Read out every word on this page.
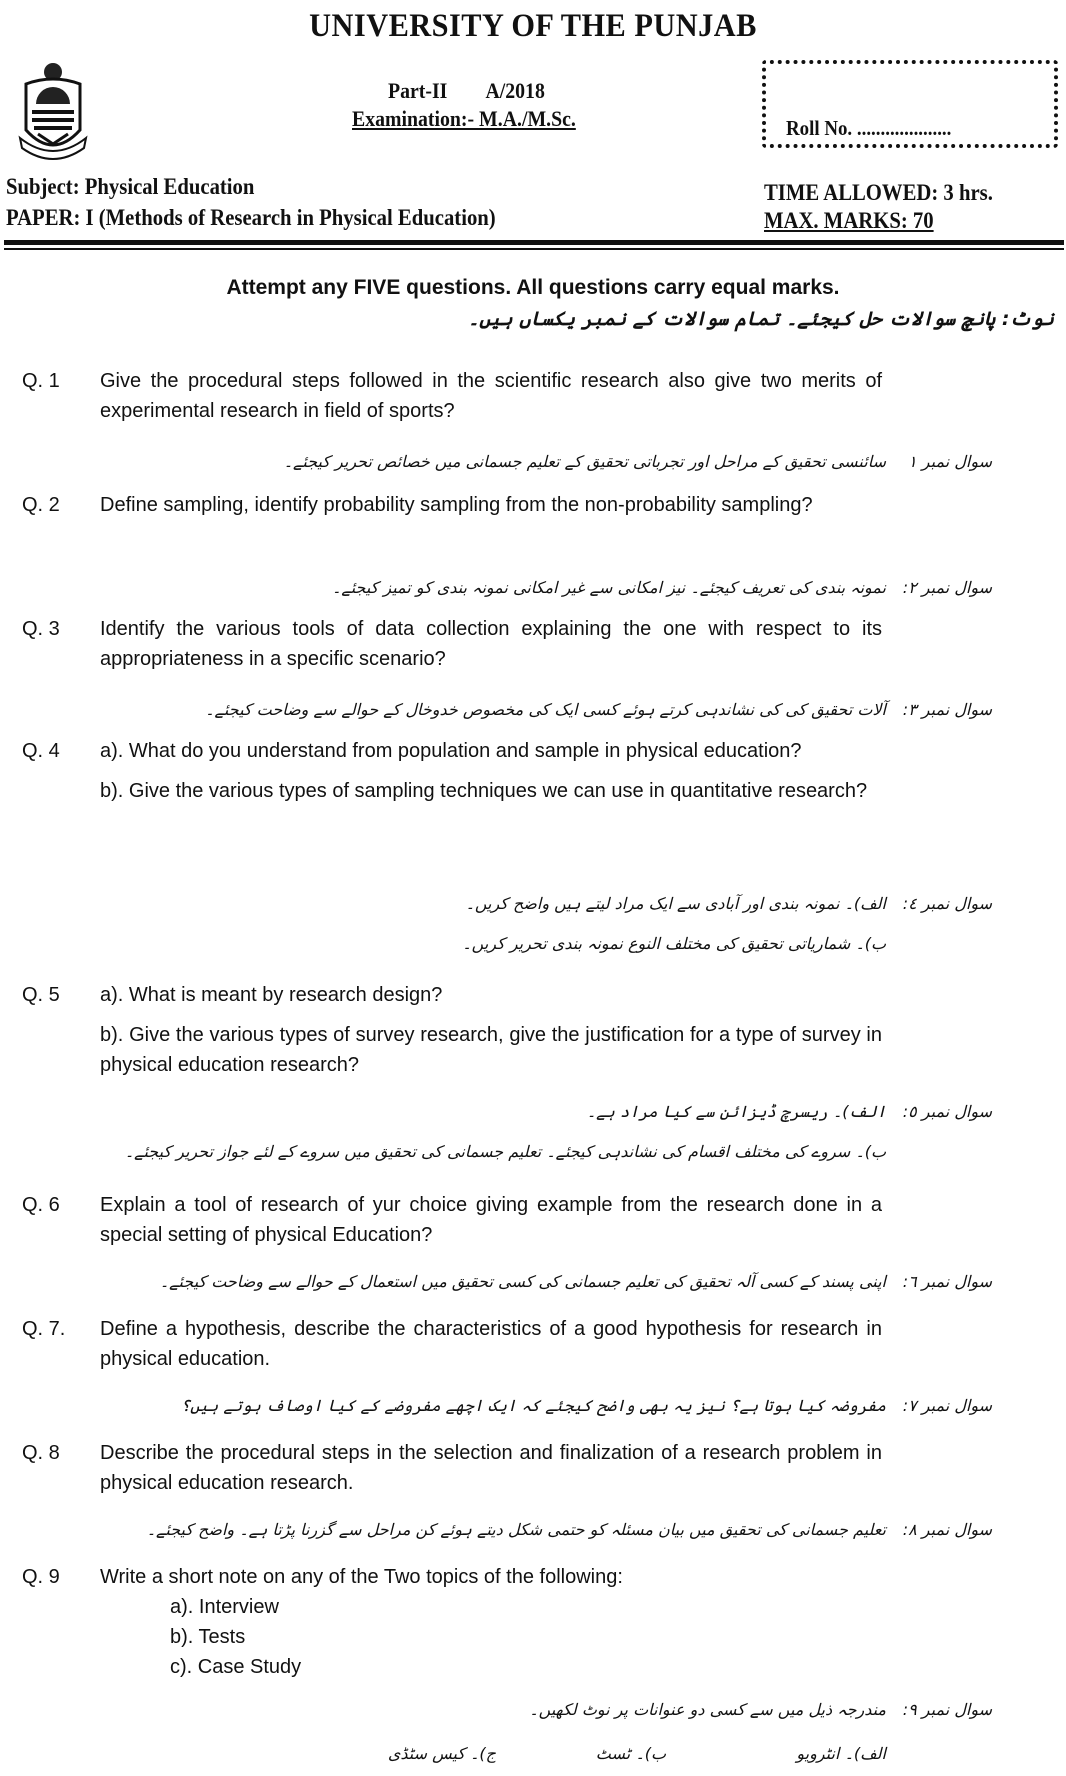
UNIVERSITY OF THE PUNJAB
Part-II A/2018
Examination:- M.A./M.Sc.	Roll No. ....................
Subject: Physical Education
PAPER: I (Methods of Research in Physical Education)
TIME ALLOWED: 3 hrs.
MAX. MARKS: 70
Attempt any FIVE questions. All questions carry equal marks.
نوٹ: پانچ سوالات حل کیجئے۔ تمام سوالات کے نمبر یکساں ہیں۔
Q. 1	Give the procedural steps followed in the scientific research also give two merits of experimental research in field of sports?

سوال نمبر ١
سائنسی تحقیق کے مراحل اور تجرباتی تحقیق کے تعلیم جسمانی میں خصائص تحریر کیجئے۔
Q. 2	Define sampling, identify probability sampling from the non-probability sampling?

سوال نمبر ٢:
نمونہ بندی کی تعریف کیجئے۔ نیز امکانی سے غیر امکانی نمونہ بندی کو تمیز کیجئے۔
Q. 3	Identify the various tools of data collection explaining the one with respect to its appropriateness in a specific scenario?

سوال نمبر ٣:
آلات تحقیق کی کی نشاندہی کرتے ہوئے کسی ایک کی مخصوص خدوخال کے حوالے سے وضاحت کیجئے۔
Q. 4	a). What do you understand from population and sample in physical education?

b). Give the various types of sampling techniques we can use in quantitative research?

سوال نمبر ٤:
الف)۔ نمونہ بندی اور آبادی سے ایک مراد لیتے ہیں واضح کریں۔
ب)۔ شماریاتی تحقیق کی مختلف النوع نمونہ بندی تحریر کریں۔
Q. 5	a). What is meant by research design?

b). Give the various types of survey research, give the justification for a type of survey in physical education research?

سوال نمبر ٥:
الف)۔ ریسرچ ڈیزائن سے کیا مراد ہے۔
ب)۔ سروے کی مختلف اقسام کی نشاندہی کیجئے۔ تعلیم جسمانی کی تحقیق میں سروے کے لئے جواز تحریر کیجئے۔
Q. 6	Explain a tool of research of yur choice giving example from the research done in a special setting of physical Education?

سوال نمبر ٦:
اپنی پسند کے کسی آلہ تحقیق کی تعلیم جسمانی کی کسی تحقیق میں استعمال کے حوالے سے وضاحت کیجئے۔
Q. 7.	Define a hypothesis, describe the characteristics of a good hypothesis for research in physical education.

سوال نمبر ٧:
مفروضہ کیا ہوتا ہے؟ نیز یہ بھی واضح کیجئے کہ ایک اچھے مفروضے کے کیا اوصاف ہوتے ہیں؟
Q. 8	Describe the procedural steps in the selection and finalization of a research problem in physical education research.

سوال نمبر ٨:
تعلیم جسمانی کی تحقیق میں بیان مسئلہ کو حتمی شکل دیتے ہوئے کن مراحل سے گزرنا پڑتا ہے۔ واضح کیجئے۔
Q. 9	Write a short note on any of the Two topics of the following:

a). Interview
b). Tests
c). Case Study
سوال نمبر ٩:
مندرجہ ذیل میں سے کسی دو عنوانات پر نوٹ لکھیں۔
الف)۔ انٹرویو
ب)۔ ٹسٹ
ج)۔ کیس سٹڈی
